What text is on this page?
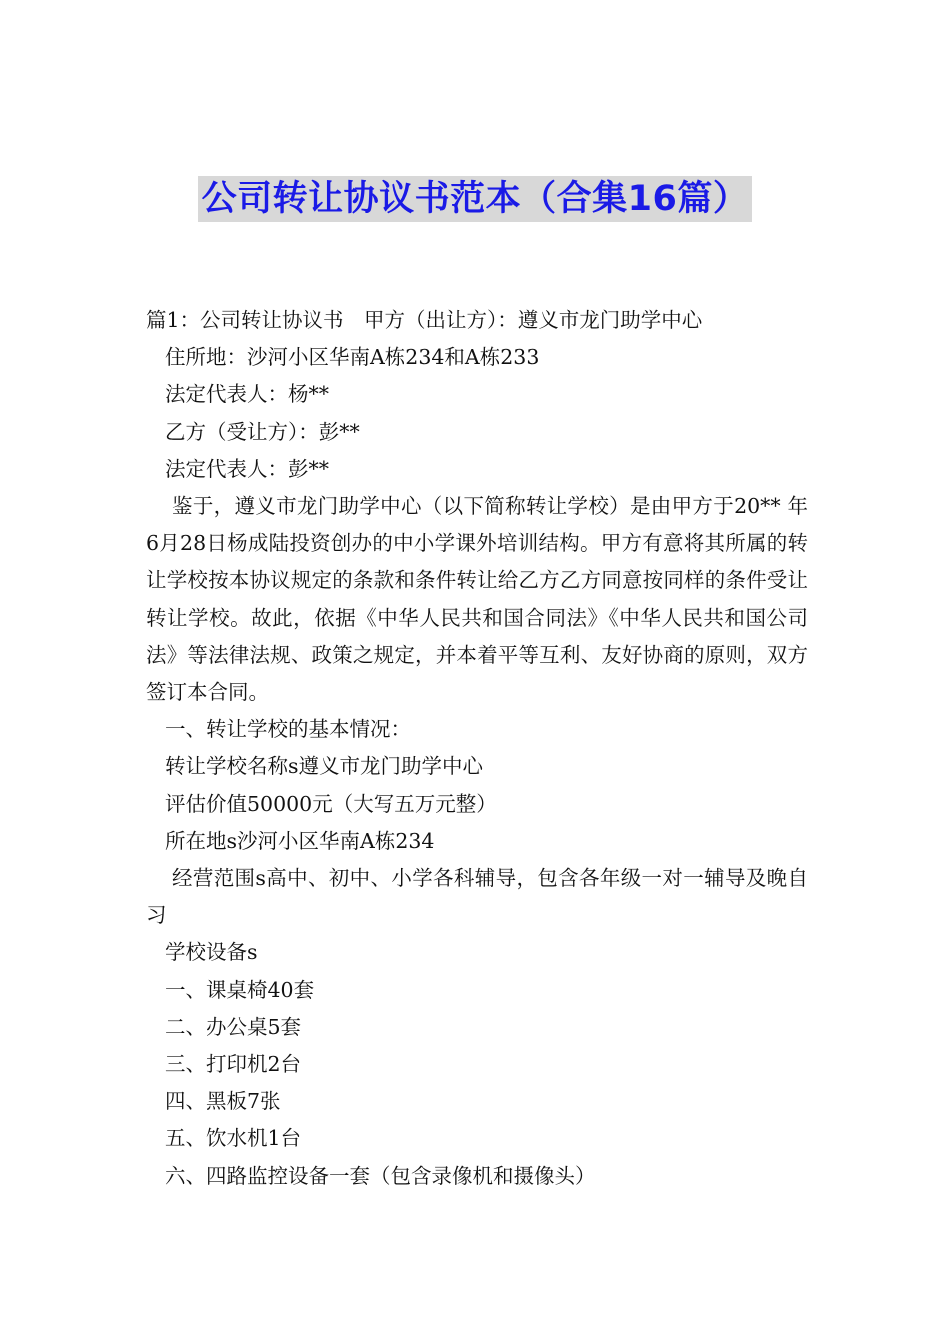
公司转让协议书范本（合集16篇）

篇1：公司转让协议书　甲方（出让方）：遵义市龙门助学中心

住所地：沙河小区华南A栋234和A栋233

法定代表人：杨**

乙方（受让方）：彭**

法定代表人：彭**

鉴于，遵义市龙门助学中心（以下简称转让学校）是由甲方于20** 年6月28日杨成陆投资创办的中小学课外培训结构。甲方有意将其所属的转让学校按本协议规定的条款和条件转让给乙方乙方同意按同样的条件受让转让学校。故此，依据《中华人民共和国合同法》《中华人民共和国公司法》等法律法规、政策之规定，并本着平等互利、友好协商的原则，双方签订本合同。

一、转让学校的基本情况：

转让学校名称s遵义市龙门助学中心

评估价值50000元（大写五万元整）

所在地s沙河小区华南A栋234

经营范围s高中、初中、小学各科辅导，包含各年级一对一辅导及晚自习

学校设备s

一、课桌椅40套

二、办公桌5套

三、打印机2台

四、黑板7张

五、饮水机1台

六、四路监控设备一套（包含录像机和摄像头）
